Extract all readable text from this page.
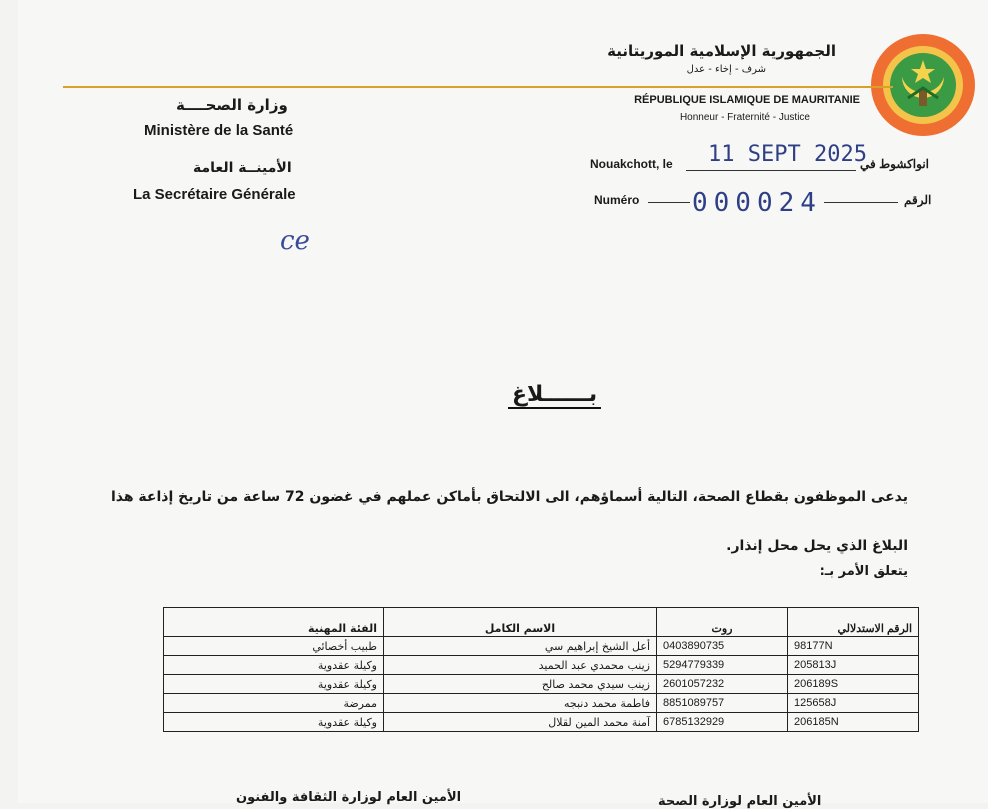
الجمهورية الإسلامية الموريتانية
شرف - إخاء - عدل
RÉPUBLIQUE ISLAMIQUE DE MAURITANIE
Honneur - Fraternité - Justice
وزارة الصحــــة
Ministère de la Santé
الأمينــة العامة
La Secrétaire Générale
ce
Nouakchott, le 11 SEPT 2025
انواكشوط في
Numéro 000024	الرقم
بــــــلاغ
يدعى الموظفون بقطاع الصحة، التالية أسماؤهم، الى الالتحاق بأماكن عملهم في غضون 72 ساعة من تاريخ إذاعة هذا
البلاغ الذي يحل محل إنذار.
يتعلق الأمر بـ:
الرقم الاستدلالي	روت	الاسم الكامل	الفئة المهنية
98177N	0403890735	أعل الشيخ إبراهيم سي	طبيب أخصائي
205813J	5294779339	زينب محمدي عبد الحميد	وكيلة عقدوية
206189S	2601057232	زينب سيدي محمد صالح	وكيلة عقدوية
125658J	8851089757	فاطمة محمد دنبجه	ممرضة
206185N	6785132929	آمنة محمد المين لقلال	وكيلة عقدوية
الأمين العام لوزارة الثقافة والفنون	الأمين العام لوزارة الصحة
